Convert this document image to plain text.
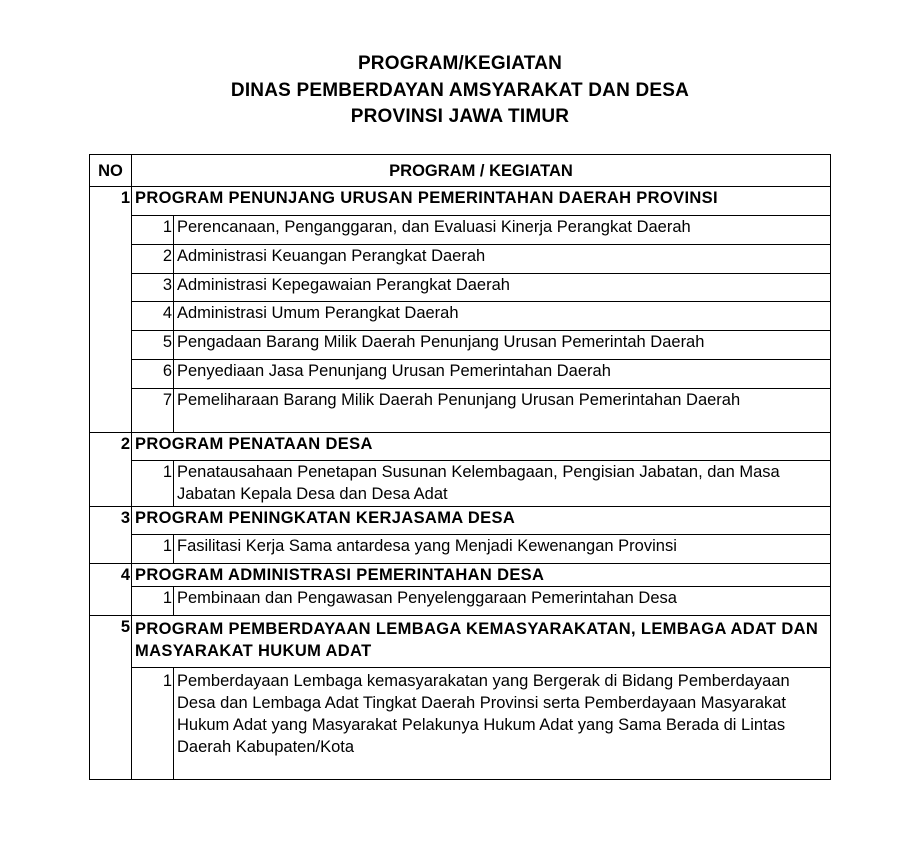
PROGRAM/KEGIATAN
DINAS PEMBERDAYAN AMSYARAKAT DAN DESA
PROVINSI JAWA TIMUR
NO	PROGRAM / KEGIATAN	
1	PROGRAM PENUNJANG URUSAN PEMERINTAHAN DAERAH PROVINSI	
	1	Perencanaan, Penganggaran, dan Evaluasi Kinerja Perangkat Daerah
	2	Administrasi Keuangan Perangkat Daerah
	3	Administrasi Kepegawaian Perangkat Daerah
	4	Administrasi Umum Perangkat Daerah
	5	Pengadaan Barang Milik Daerah Penunjang Urusan Pemerintah Daerah
	6	Penyediaan Jasa Penunjang Urusan Pemerintahan Daerah
	7	Pemeliharaan Barang Milik Daerah Penunjang Urusan Pemerintahan Daerah
2	PROGRAM PENATAAN DESA	
	1	Penatausahaan Penetapan Susunan Kelembagaan, Pengisian Jabatan, dan Masa Jabatan Kepala Desa dan Desa Adat
3	PROGRAM PENINGKATAN KERJASAMA DESA	
	1	Fasilitasi Kerja Sama antardesa yang Menjadi Kewenangan Provinsi
4	PROGRAM ADMINISTRASI PEMERINTAHAN DESA	
	1	Pembinaan dan Pengawasan Penyelenggaraan Pemerintahan Desa
5	PROGRAM PEMBERDAYAAN LEMBAGA KEMASYARAKATAN, LEMBAGA ADAT DAN MASYARAKAT HUKUM ADAT	
	1	Pemberdayaan Lembaga kemasyarakatan yang Bergerak di Bidang Pemberdayaan Desa dan Lembaga Adat Tingkat Daerah Provinsi serta Pemberdayaan Masyarakat Hukum Adat yang Masyarakat Pelakunya Hukum Adat yang Sama Berada di Lintas Daerah Kabupaten/Kota
